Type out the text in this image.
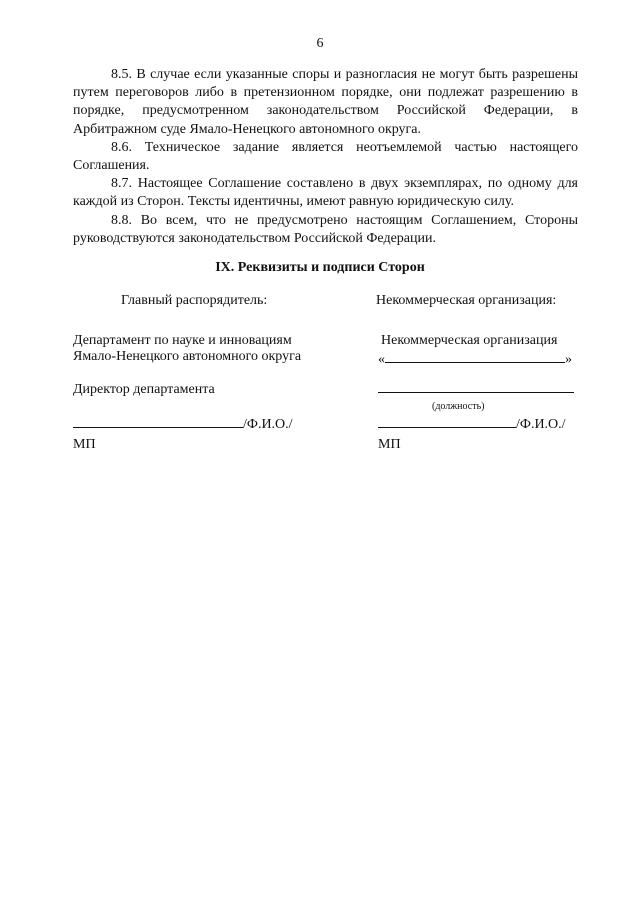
6

8.5. В случае если указанные споры и разногласия не могут быть разрешены путем переговоров либо в претензионном порядке, они подлежат разрешению в порядке, предусмотренном законодательством Российской Федерации, в Арбитражном суде Ямало-Ненецкого автономного округа.

8.6. Техническое задание является неотъемлемой частью настоящего Соглашения.

8.7. Настоящее Соглашение составлено в двух экземплярах, по одному для каждой из Сторон. Тексты идентичны, имеют равную юридическую силу.

8.8. Во всем, что не предусмотрено настоящим Соглашением, Стороны руководствуются законодательством Российской Федерации.

IX. Реквизиты и подписи Сторон
Главный распорядитель:
Департамент по науке и инновациям
Ямало-Ненецкого автономного округа
Директор департамента
/Ф.И.О./
МП
Некоммерческая организация:
Некоммерческая организация
«	»
(должность)
/Ф.И.О./
МП
